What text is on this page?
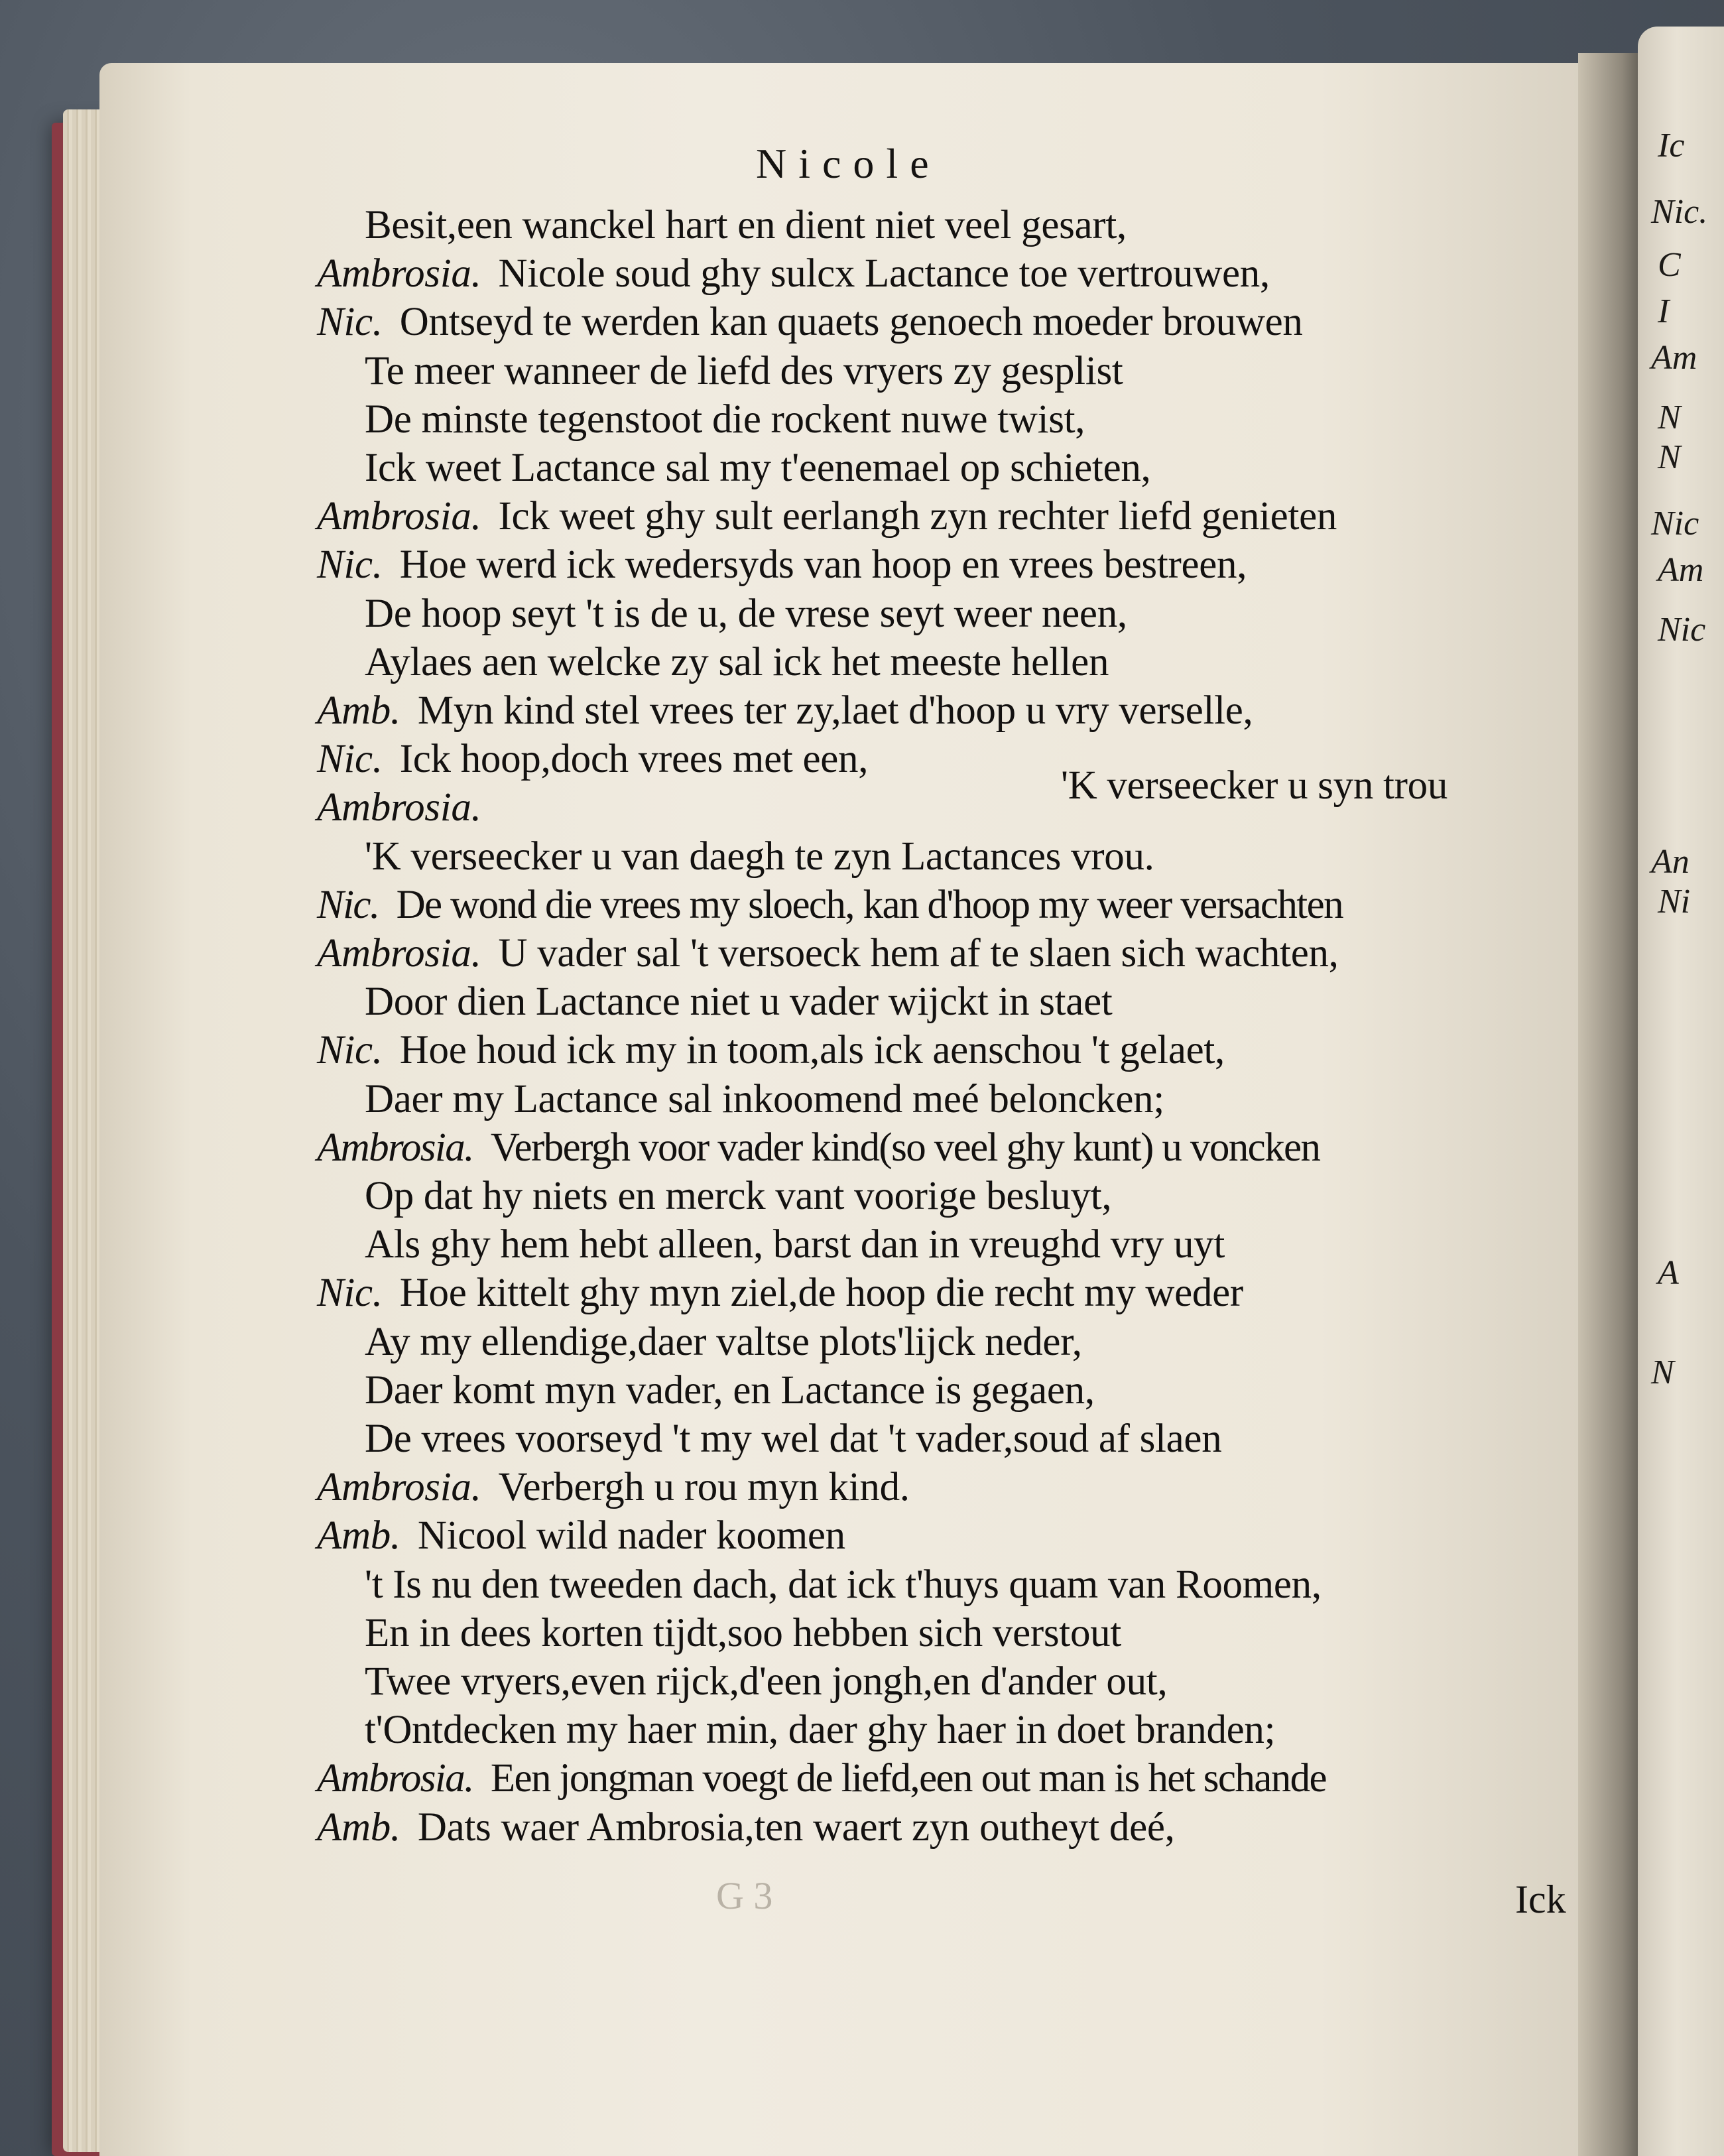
Ic
Nic.
C
I
Am
N
N
Nic
Am
Nic
An
Ni
A
N
Nicole
Besit,een wanckel hart en dient niet veel gesart,
Ambrosia. Nicole soud ghy sulcx Lactance toe vertrouwen,
Nic. Ontseyd te werden kan quaets genoech moeder brouwen
Te meer wanneer de liefd des vryers zy gesplist
De minste tegenstoot die rockent nuwe twist,
Ick weet Lactance sal my t'eenemael op schieten,
Ambrosia. Ick weet ghy sult eerlangh zyn rechter liefd genieten
Nic. Hoe werd ick wedersyds van hoop en vrees bestreen,
De hoop seyt 't is de u, de vrese seyt weer neen,
Aylaes aen welcke zy sal ick het meeste hellen
Amb. Myn kind stel vrees ter zy,laet d'hoop u vry verselle,
Nic. Ick hoop,doch vrees met een,
'K verseecker u syn trou
Ambrosia.
'K verseecker u van daegh te zyn Lactances vrou.
Nic. De wond die vrees my sloech, kan d'hoop my weer versachten
Ambrosia. U vader sal 't versoeck hem af te slaen sich wachten,
Door dien Lactance niet u vader wijckt in staet
Nic. Hoe houd ick my in toom,als ick aenschou 't gelaet,
Daer my Lactance sal inkoomend meé beloncken;
Ambrosia. Verbergh voor vader kind(so veel ghy kunt) u voncken
Op dat hy niets en merck vant voorige besluyt,
Als ghy hem hebt alleen, barst dan in vreughd vry uyt
Nic. Hoe kittelt ghy myn ziel,de hoop die recht my weder
Ay my ellendige,daer valtse plots'lijck neder,
Daer komt myn vader, en Lactance is gegaen,
De vrees voorseyd 't my wel dat 't vader,soud af slaen
Ambrosia. Verbergh u rou myn kind.
Amb. Nicool wild nader koomen
't Is nu den tweeden dach, dat ick t'huys quam van Roomen,
En in dees korten tijdt,soo hebben sich verstout
Twee vryers,even rijck,d'een jongh,en d'ander out,
t'Ontdecken my haer min, daer ghy haer in doet branden;
Ambrosia. Een jongman voegt de liefd,een out man is het schande
Amb. Dats waer Ambrosia,ten waert zyn outheyt deé,
G 3	Ick
